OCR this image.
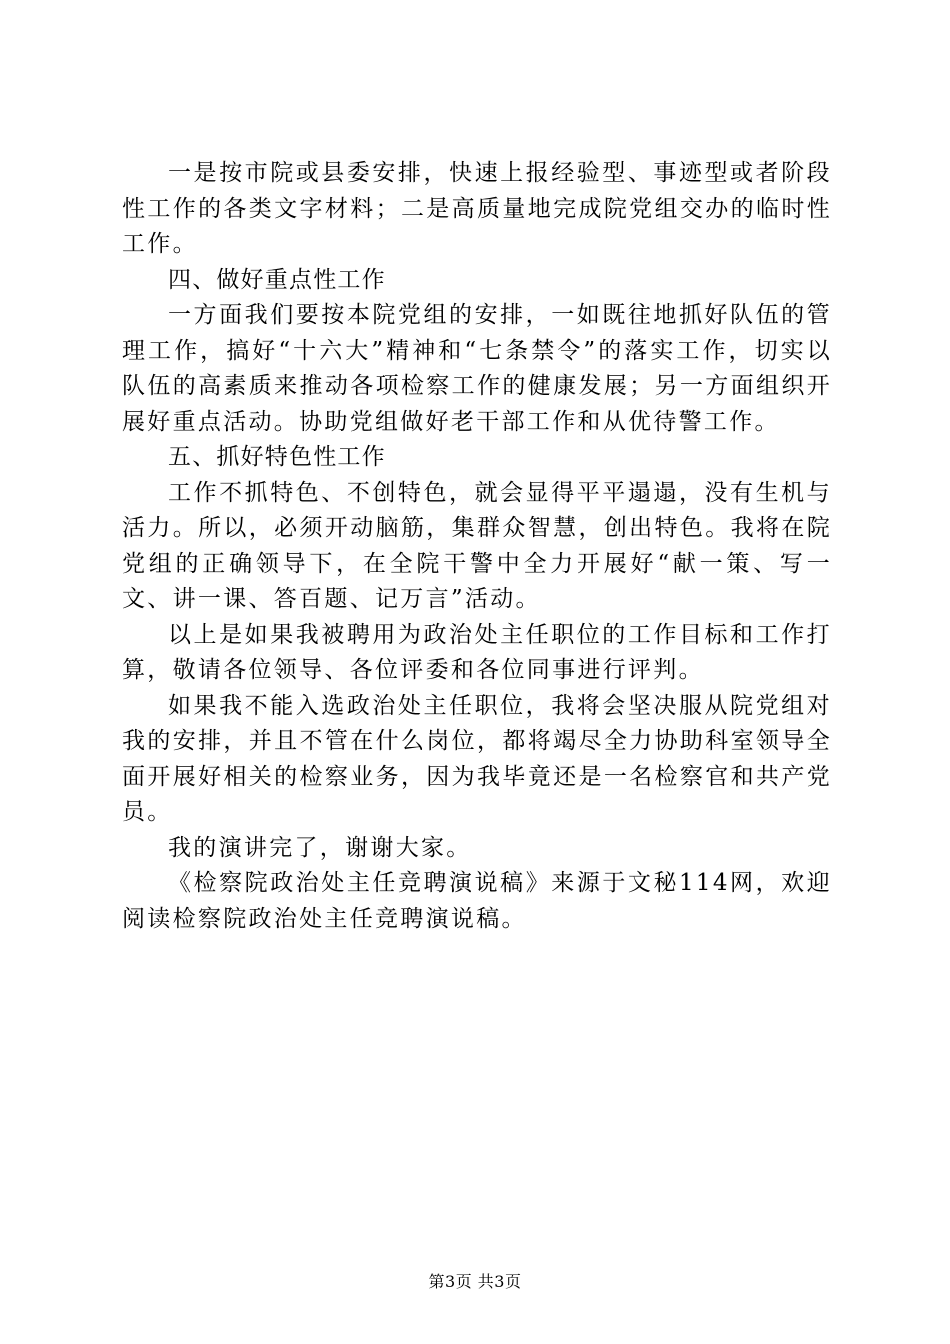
一是按市院或县委安排，快速上报经验型、事迹型或者阶段性工作的各类文字材料；二是高质量地完成院党组交办的临时性工作。

四、做好重点性工作

一方面我们要按本院党组的安排，一如既往地抓好队伍的管理工作，搞好“十六大”精神和“七条禁令”的落实工作，切实以队伍的高素质来推动各项检察工作的健康发展；另一方面组织开展好重点活动。协助党组做好老干部工作和从优待警工作。

五、抓好特色性工作

工作不抓特色、不创特色，就会显得平平遢遢，没有生机与活力。所以，必须开动脑筋，集群众智慧，创出特色。我将在院党组的正确领导下，在全院干警中全力开展好“献一策、写一文、讲一课、答百题、记万言”活动。

以上是如果我被聘用为政治处主任职位的工作目标和工作打算，敬请各位领导、各位评委和各位同事进行评判。

如果我不能入选政治处主任职位，我将会坚决服从院党组对我的安排，并且不管在什么岗位，都将竭尽全力协助科室领导全面开展好相关的检察业务，因为我毕竟还是一名检察官和共产党员。

我的演讲完了，谢谢大家。

《检察院政治处主任竞聘演说稿》来源于文秘114网，欢迎阅读检察院政治处主任竞聘演说稿。

第3页 共3页
